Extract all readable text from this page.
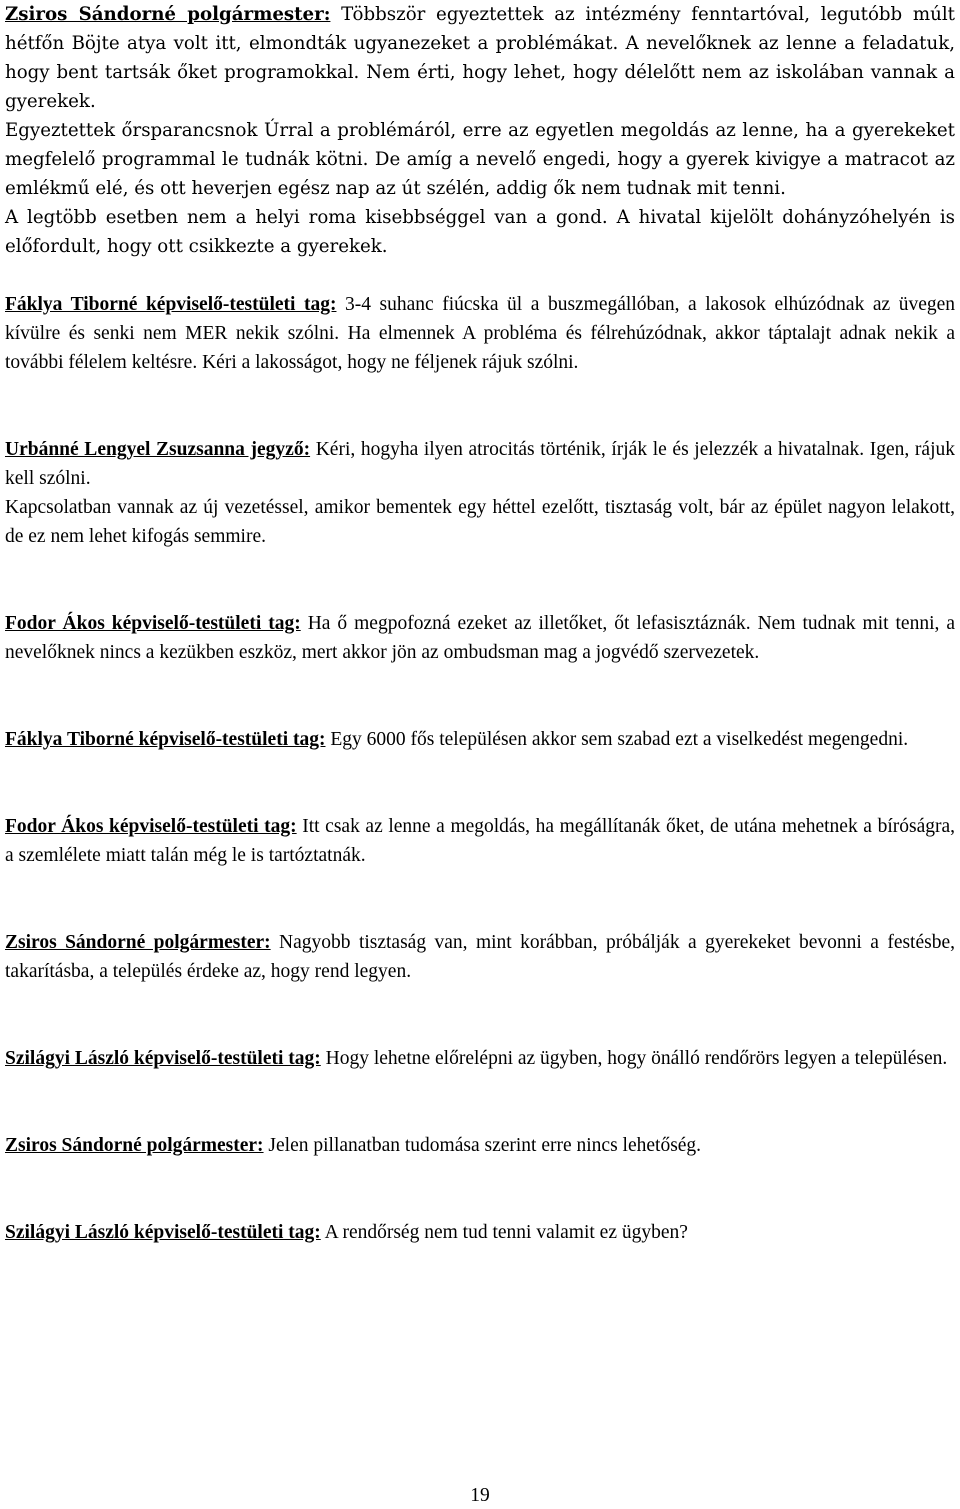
Zsiros Sándorné polgármester: Többször egyeztettek az intézmény fenntartóval, legutóbb múlt hétfőn Böjte atya volt itt, elmondták ugyanezeket a problémákat. A nevelőknek az lenne a feladatuk, hogy bent tartsák őket programokkal. Nem érti, hogy lehet, hogy délelőtt nem az iskolában vannak a gyerekek.

Egyeztettek őrsparancsnok Úrral a problémáról, erre az egyetlen megoldás az lenne, ha a gyerekeket megfelelő programmal le tudnák kötni. De amíg a nevelő engedi, hogy a gyerek kivigye a matracot az emlékmű elé, és ott heverjen egész nap az út szélén, addig ők nem tudnak mit tenni.

A legtöbb esetben nem a helyi roma kisebbséggel van a gond. A hivatal kijelölt dohányzóhelyén is előfordult, hogy ott csikkezte a gyerekek.

Fáklya Tiborné képviselő-testületi tag: 3-4 suhanc fiúcska ül a buszmegállóban, a lakosok elhúzódnak az üvegen kívülre és senki nem MER nekik szólni. Ha elmennek A probléma és félrehúzódnak, akkor táptalajt adnak nekik a további félelem keltésre. Kéri a lakosságot, hogy ne féljenek rájuk szólni.

Urbánné Lengyel Zsuzsanna jegyző: Kéri, hogyha ilyen atrocitás történik, írják le és jelezzék a hivatalnak. Igen, rájuk kell szólni.

Kapcsolatban vannak az új vezetéssel, amikor bementek egy héttel ezelőtt, tisztaság volt, bár az épület nagyon lelakott, de ez nem lehet kifogás semmire.

Fodor Ákos képviselő-testületi tag: Ha ő megpofozná ezeket az illetőket, őt lefasisztáznák. Nem tudnak mit tenni, a nevelőknek nincs a kezükben eszköz, mert akkor jön az ombudsman mag a jogvédő szervezetek.

Fáklya Tiborné képviselő-testületi tag: Egy 6000 fős településen akkor sem szabad ezt a viselkedést megengedni.

Fodor Ákos képviselő-testületi tag: Itt csak az lenne a megoldás, ha megállítanák őket, de utána mehetnek a bíróságra, a szemlélete miatt talán még le is tartóztatnák.

Zsiros Sándorné polgármester: Nagyobb tisztaság van, mint korábban, próbálják a gyerekeket bevonni a festésbe, takarításba, a település érdeke az, hogy rend legyen.

Szilágyi László képviselő-testületi tag: Hogy lehetne előrelépni az ügyben, hogy önálló rendőrörs legyen a településen.

Zsiros Sándorné polgármester: Jelen pillanatban tudomása szerint erre nincs lehetőség.

Szilágyi László képviselő-testületi tag: A rendőrség nem tud tenni valamit ez ügyben?

19
